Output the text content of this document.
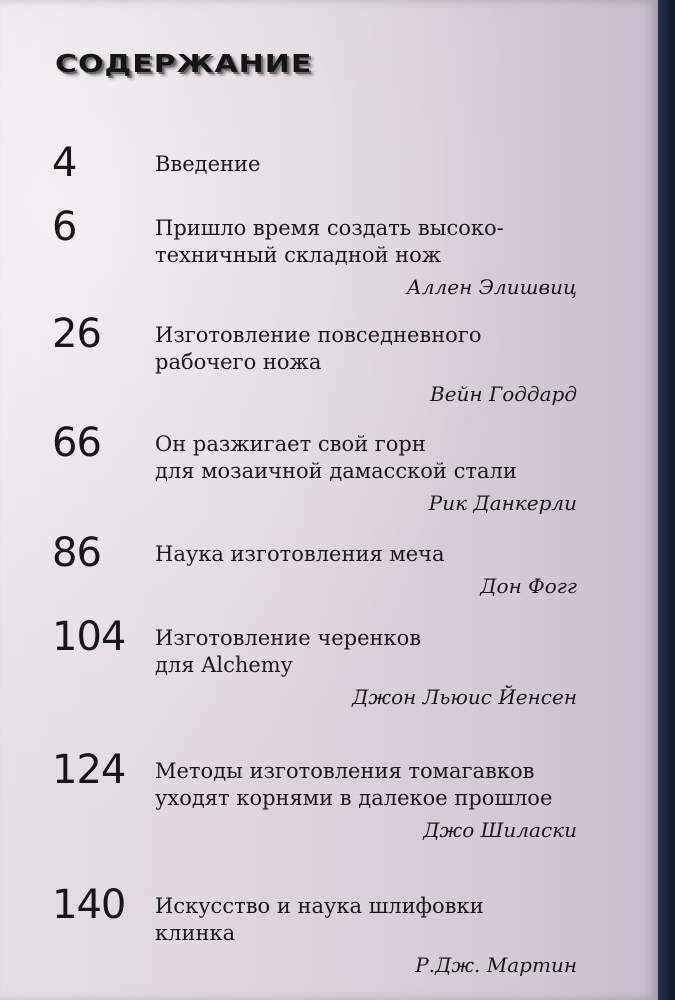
СОДЕРЖАНИЕ
4	Введение
6	Пришло время создать высоко-
техничный складной нож
Аллен Элишвиц
26	Изготовление повседневного
рабочего ножа
Вейн Годдард
66	Он разжигает свой горн
для мозаичной дамасской стали
Рик Данкерли
86	Наука изготовления меча
Дон Фогг
104 Изготовление черенков
для Alchemy
Джон Льюис Йенсен
124 Методы изготовления томагавков
уходят корнями в далекое прошлое
Джо Шиласки
140 Искусство и наука шлифовки
клинка
Р.Дж. Мартин
